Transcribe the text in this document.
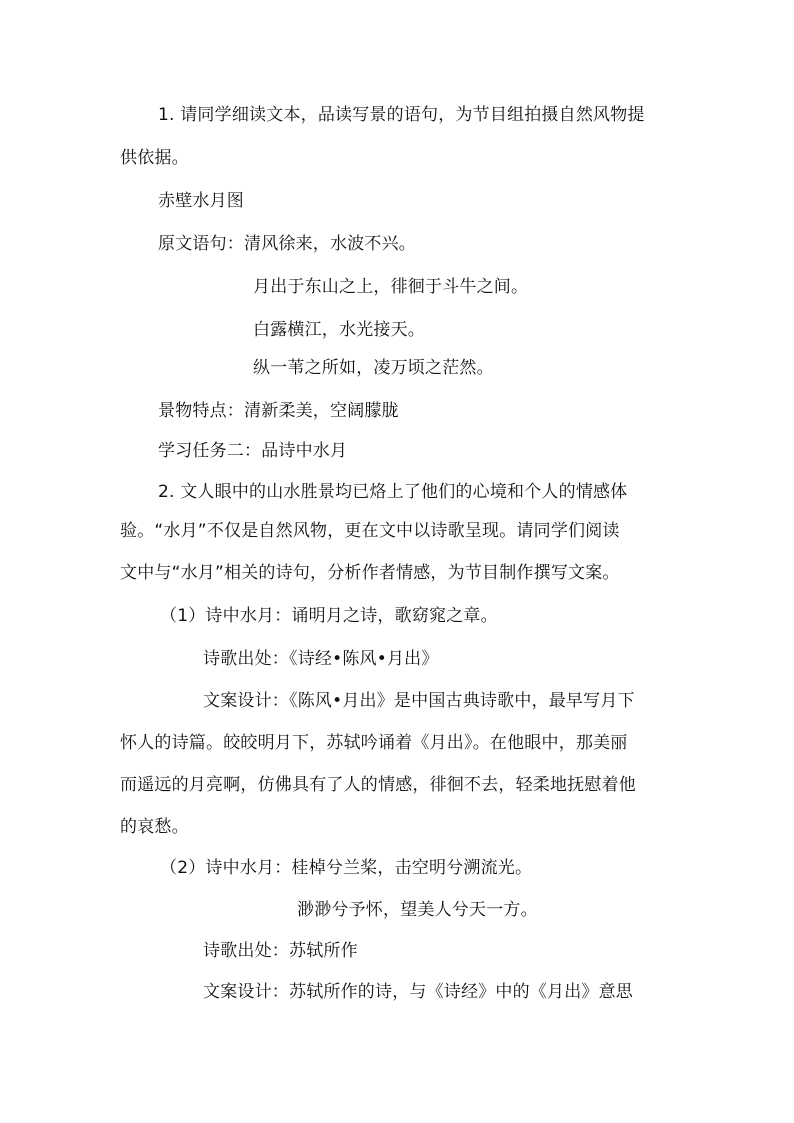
1. 请同学细读文本，品读写景的语句，为节目组拍摄自然风物提
供依据。
赤壁水月图
原文语句：清风徐来，水波不兴。
月出于东山之上，徘徊于斗牛之间。
白露横江，水光接天。
纵一苇之所如，凌万顷之茫然。
景物特点：清新柔美，空阔朦胧
学习任务二：品诗中水月
2. 文人眼中的山水胜景均已烙上了他们的心境和个人的情感体
验。“水月”不仅是自然风物，更在文中以诗歌呈现。请同学们阅读
文中与“水月”相关的诗句，分析作者情感，为节目制作撰写文案。
（1）诗中水月：诵明月之诗，歌窈窕之章。
诗歌出处：《诗经•陈风•月出》
文案设计：《陈风•月出》是中国古典诗歌中，最早写月下
怀人的诗篇。皎皎明月下，苏轼吟诵着《月出》。在他眼中，那美丽
而遥远的月亮啊，仿佛具有了人的情感，徘徊不去，轻柔地抚慰着他
的哀愁。
（2）诗中水月：桂棹兮兰桨，击空明兮溯流光。
渺渺兮予怀，望美人兮天一方。
诗歌出处：苏轼所作
文案设计：苏轼所作的诗，与《诗经》中的《月出》意思
